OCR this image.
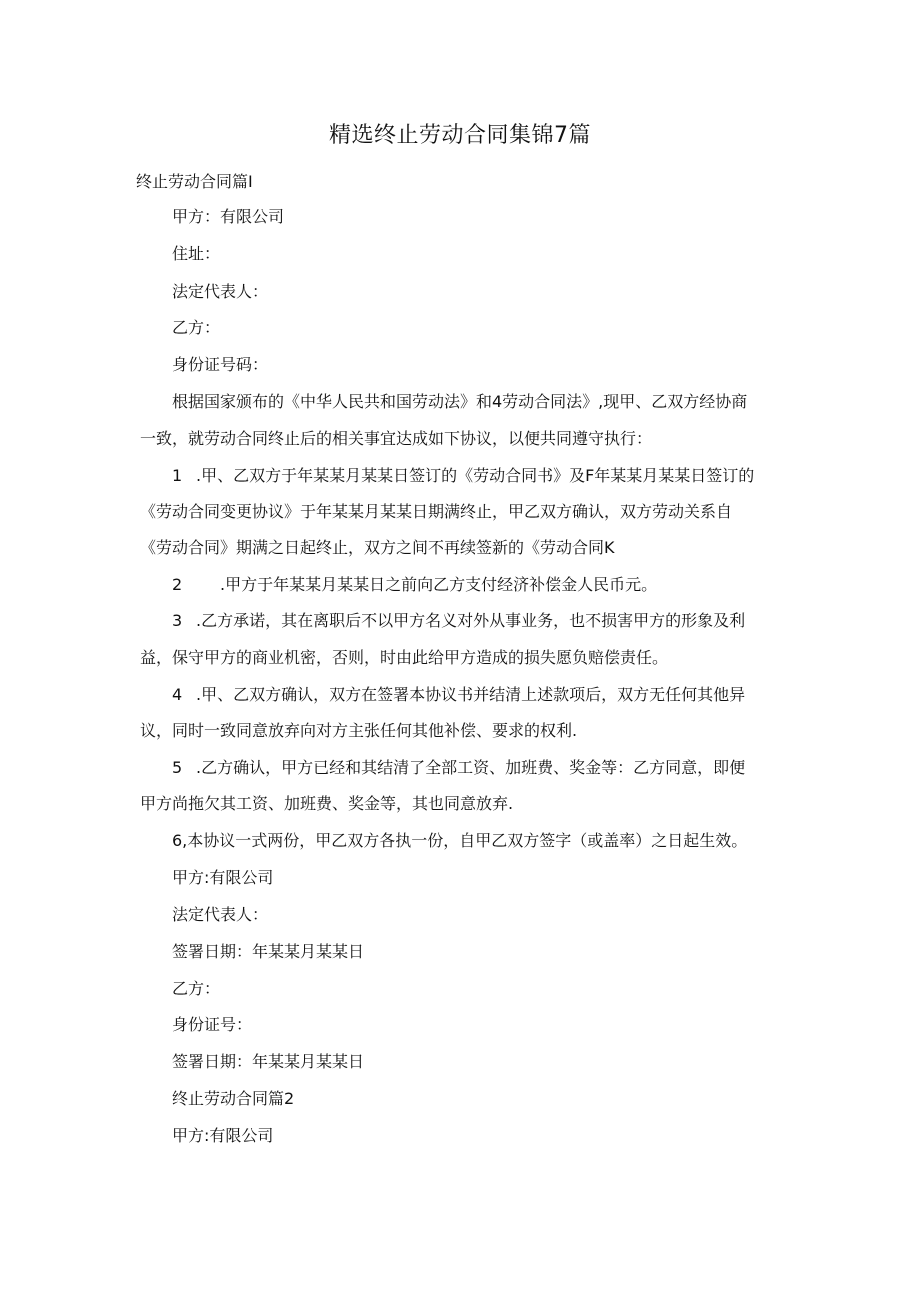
精选终止劳动合同集锦7篇
终止劳动合同篇I
甲方：有限公司
住址：
法定代表人：
乙方：
身份证号码：
根据国家颁布的《中华人民共和国劳动法》和4劳动合同法》,现甲、乙双方经协商
一致，就劳动合同终止后的相关事宜达成如下协议，以便共同遵守执行：
1 .甲、乙双方于年某某月某某日签订的《劳动合同书》及F年某某月某某日签订的
《劳动合同变更协议》于年某某月某某日期满终止，甲乙双方确认，双方劳动关系自
《劳动合同》期满之日起终止，双方之间不再续签新的《劳动合同K
2 .甲方于年某某月某某日之前向乙方支付经济补偿金人民币元。
3 .乙方承诺，其在离职后不以甲方名义对外从事业务，也不损害甲方的形象及利
益，保守甲方的商业机密，否则，时由此给甲方造成的损失愿负赔偿责任。
4 .甲、乙双方确认，双方在签署本协议书并结清上述款项后，双方无任何其他异
议，同时一致同意放弃向对方主张任何其他补偿、要求的权利.
5 .乙方确认，甲方已经和其结清了全部工资、加班费、奖金等：乙方同意，即便
甲方尚拖欠其工资、加班费、奖金等，其也同意放弃.
6,本协议一式两份，甲乙双方各执一份，自甲乙双方签字（或盖率）之日起生效。
甲方:有限公司
法定代表人：
签署日期：年某某月某某日
乙方：
身份证号：
签署日期：年某某月某某日
终止劳动合同篇2
甲方:有限公司
